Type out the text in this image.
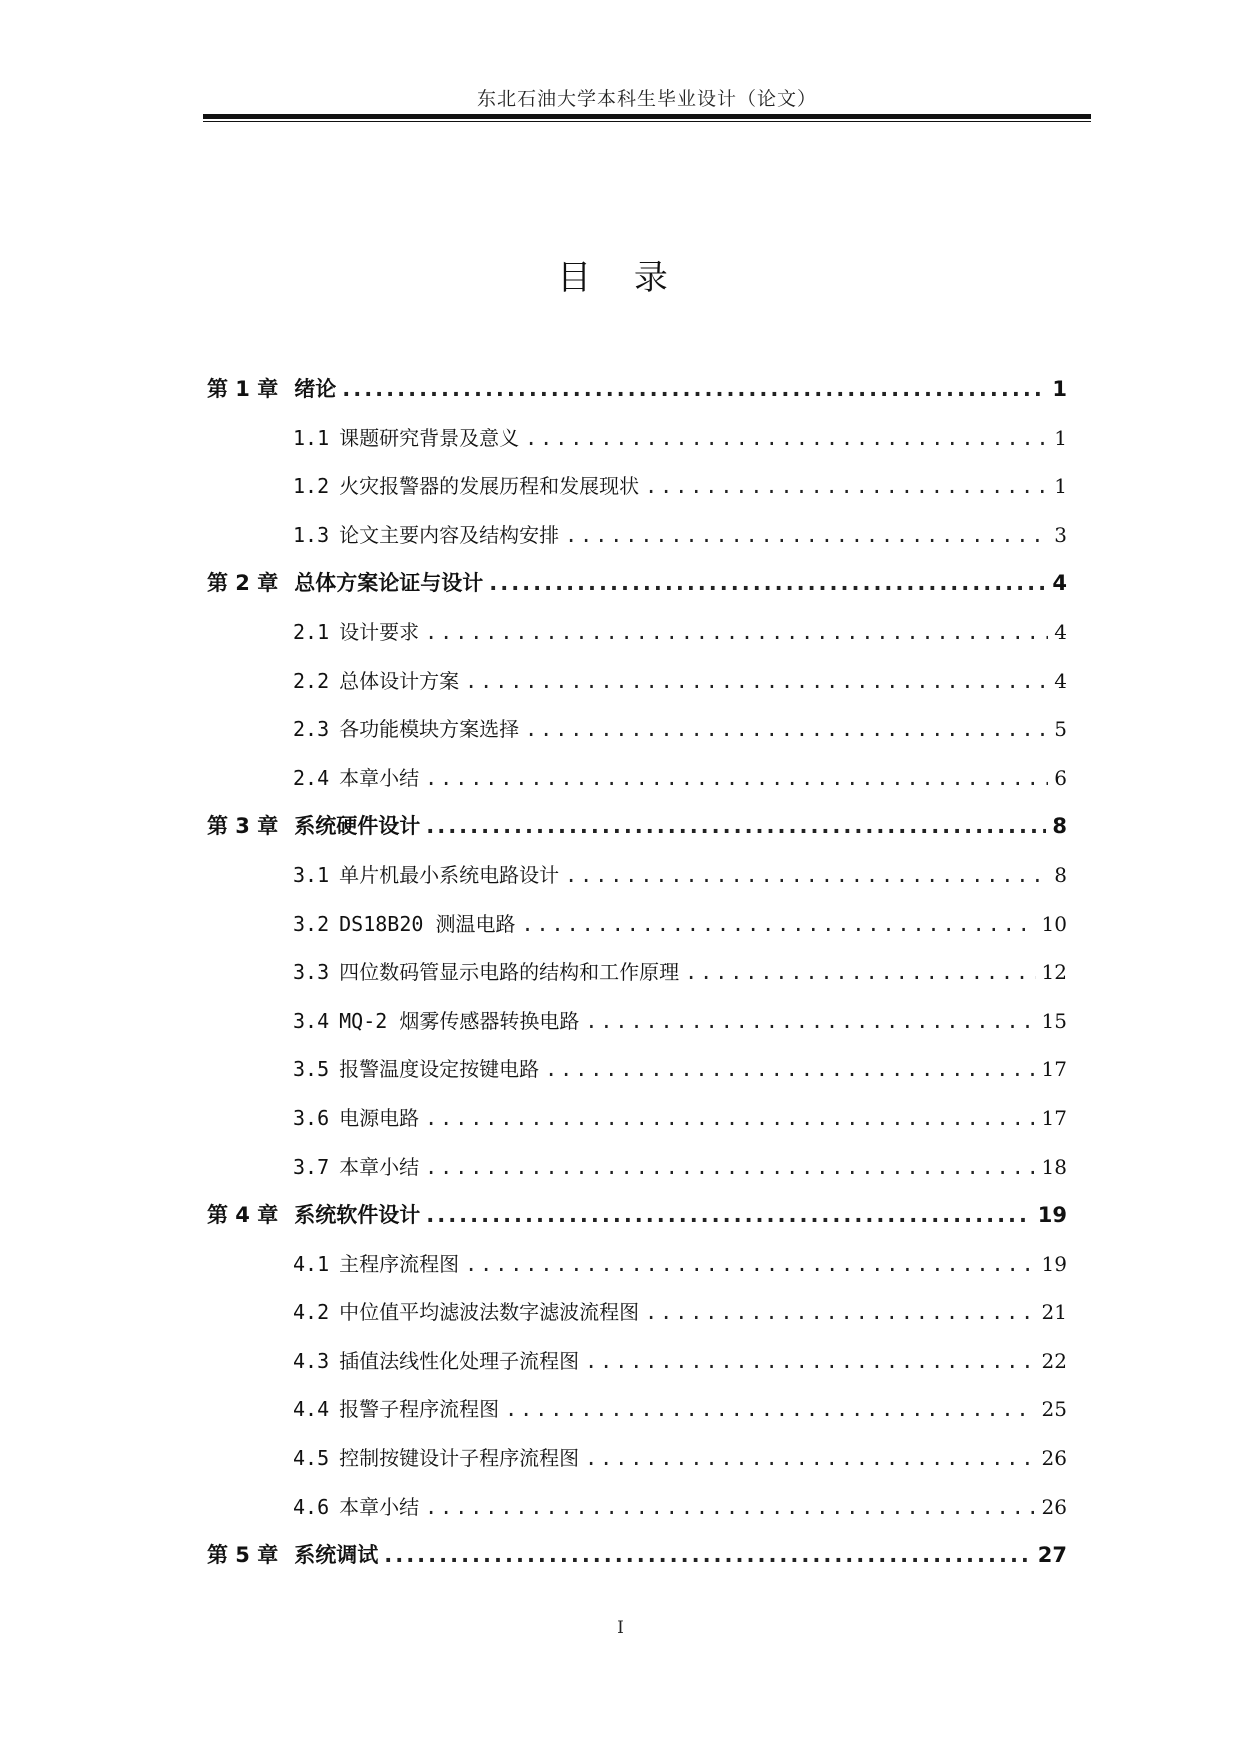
东北石油大学本科生毕业设计（论文）
目 录
第 1 章 绪论 .....	1
1.1 课题研究背景及意义 .....	1
1.2 火灾报警器的发展历程和发展现状 .....	1
1.3 论文主要内容及结构安排 .....	3
第 2 章 总体方案论证与设计 .....	4
2.1 设计要求 .....	4
2.2 总体设计方案 .....	4
2.3 各功能模块方案选择 .....	5
2.4 本章小结 .....	6
第 3 章 系统硬件设计 .....	8
3.1 单片机最小系统电路设计 .....	8
3.2 DS18B20 测温电路 .....	10
3.3 四位数码管显示电路的结构和工作原理 .....	12
3.4 MQ-2 烟雾传感器转换电路 .....	15
3.5 报警温度设定按键电路 .....	17
3.6 电源电路 .....	17
3.7 本章小结 .....	18
第 4 章 系统软件设计 .....	19
4.1 主程序流程图 .....	19
4.2 中位值平均滤波法数字滤波流程图 .....	21
4.3 插值法线性化处理子流程图 .....	22
4.4 报警子程序流程图 .....	25
4.5 控制按键设计子程序流程图 .....	26
4.6 本章小结 .....	26
第 5 章 系统调试 .....	27
I
